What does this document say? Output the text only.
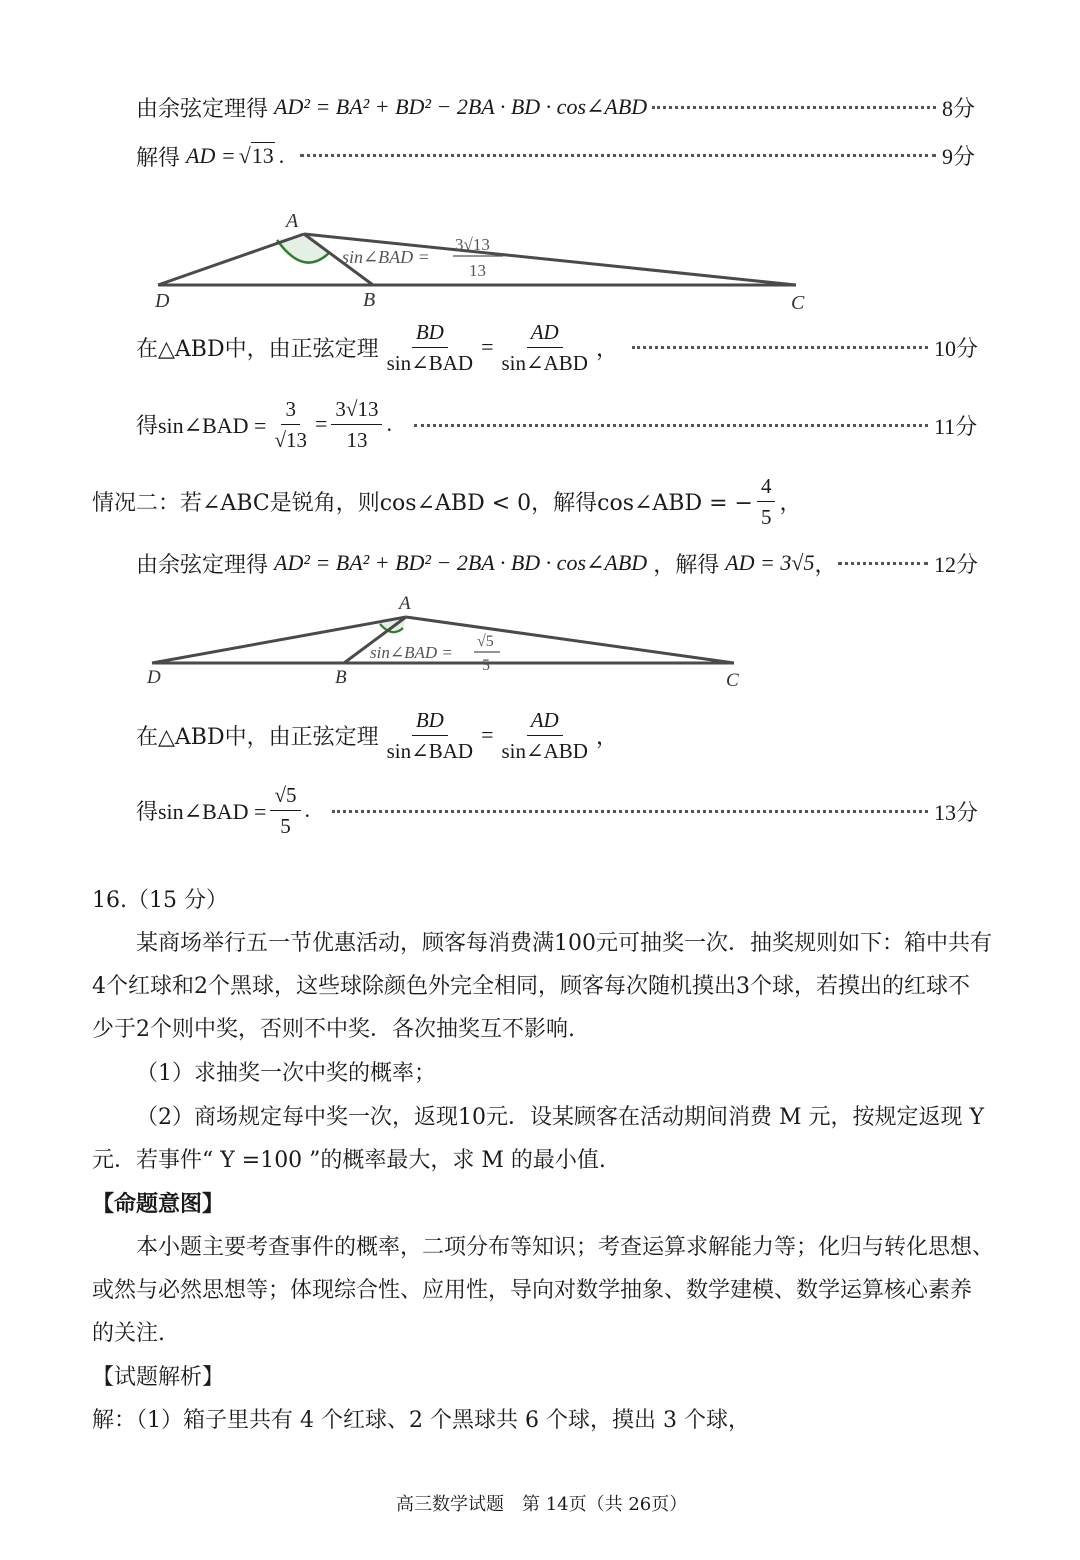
由余弦定理得 AD² = BA² + BD² − 2BA · BD · cos∠ABD	8分
解得 AD = √13 .	9分
A
B	C
D
sin∠BAD =
3√13
13
在△ABD中，由正弦定理 $\frac{BD}{\text{sin∠BAD}} = \frac{AD}{\text{sin∠ABD}}$ ，	10分
得sin∠BAD = $\frac{3}{√13} = \frac{3√13}{13}$ .	11分
情况二：若∠ABC是锐角，则cos∠ABD < 0，解得cos∠ABD = − $\frac{4}{5}$ ，
由余弦定理得 AD² = BA² + BD² − 2BA · BD · cos∠ABD ，解得 AD = 3√5 ，	12分
A
B	C
D
sin∠BAD =
√5
5
在△ABD中，由正弦定理 $\frac{BD}{\text{sin∠BAD}} = \frac{AD}{\text{sin∠ABD}}$ ，
得sin∠BAD = $\frac{√5}{5}$ .	13分
16.（15 分）
某商场举行五一节优惠活动，顾客每消费满100元可抽奖一次．抽奖规则如下：箱中共有
4个红球和2个黑球，这些球除颜色外完全相同，顾客每次随机摸出3个球，若摸出的红球不
少于2个则中奖，否则不中奖．各次抽奖互不影响.
（1）求抽奖一次中奖的概率；
（2）商场规定每中奖一次，返现10元．设某顾客在活动期间消费 M 元，按规定返现 Y
元．若事件“ Y =100 ”的概率最大，求 M 的最小值.
【命题意图】
本小题主要考查事件的概率，二项分布等知识；考查运算求解能力等；化归与转化思想、
或然与必然思想等；体现综合性、应用性，导向对数学抽象、数学建模、数学运算核心素养
的关注.
【试题解析】
解：（1）箱子里共有 4 个红球、2 个黑球共 6 个球，摸出 3 个球，
高三数学试题　第 14页（共 26页）
